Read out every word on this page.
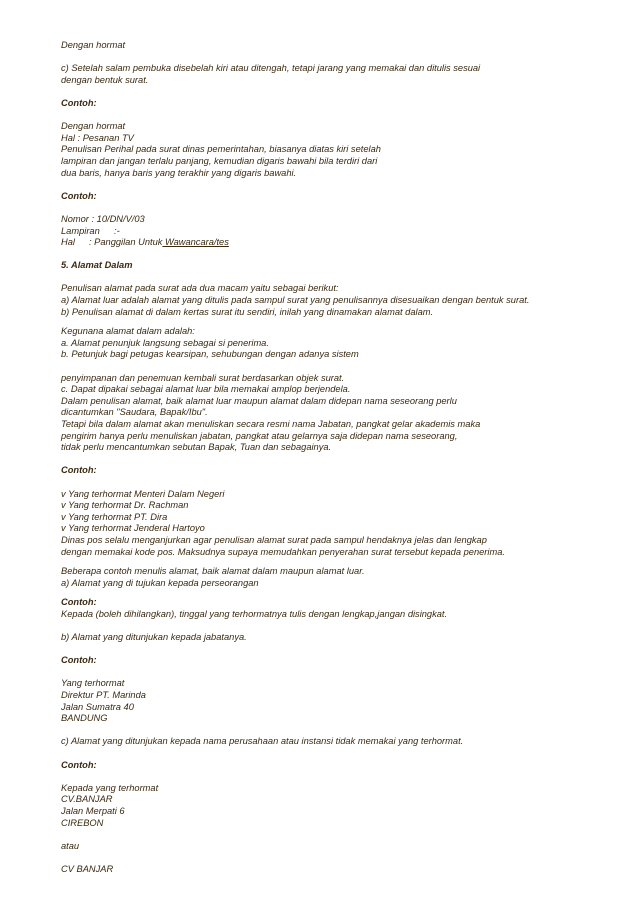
Dengan hormat
c) Setelah salam pembuka disebelah kiri atau ditengah, tetapi jarang yang memakai dan ditulis sesuai
dengan bentuk surat.
Contoh:
Dengan hormat
Hal : Pesanan TV
Penulisan Perihal pada surat dinas pemerintahan, biasanya diatas kiri setelah
lampiran dan jangan terlalu panjang, kemudian digaris bawahi bila terdiri dari
dua baris, hanya baris yang terakhir yang digaris bawahi.
Contoh:
Nomor : 10/DN/V/03
Lampiran :-
Hal : Panggilan Untuk Wawancara/tes
5. Alamat Dalam
Penulisan alamat pada surat ada dua macam yaitu sebagai berikut:
a) Alamat luar adalah alamat yang ditulis pada sampul surat yang penulisannya disesuaikan dengan bentuk surat.
b) Penulisan alamat di dalam kertas surat itu sendiri, inilah yang dinamakan alamat dalam.
Kegunana alamat dalam adalah:
a. Alamat penunjuk langsung sebagai si penerima.
b. Petunjuk bagi petugas kearsipan, sehubungan dengan adanya sistem
penyimpanan dan penemuan kembali surat berdasarkan objek surat.
c. Dapat dipakai sebagai alamat luar bila memakai amplop berjendela.
Dalam penulisan alamat, baik alamat luar maupun alamat dalam didepan nama seseorang perlu
dicantumkan "Saudara, Bapak/Ibu".
Tetapi bila dalam alamat akan menuliskan secara resmi nama Jabatan, pangkat gelar akademis maka
pengirim hanya perlu menuliskan jabatan, pangkat atau gelarnya saja didepan nama seseorang,
tidak perlu mencantumkan sebutan Bapak, Tuan dan sebagainya.
Contoh:
v Yang terhormat Menteri Dalam Negeri
v Yang terhormat Dr. Rachman
v Yang terhormat PT. Dira
v Yang terhormat Jenderal Hartoyo
Dinas pos selalu menganjurkan agar penulisan alamat surat pada sampul hendaknya jelas dan lengkap
dengan memakai kode pos. Maksudnya supaya memudahkan penyerahan surat tersebut kepada penerima.
Beberapa contoh menulis alamat, baik alamat dalam maupun alamat luar.
a) Alamat yang di tujukan kepada perseorangan
Contoh:
Kepada (boleh dihilangkan), tinggal yang terhormatnya tulis dengan lengkap,jangan disingkat.
b) Alamat yang ditunjukan kepada jabatanya.
Contoh:
Yang terhormat
Direktur PT. Marinda
Jalan Sumatra 40
BANDUNG
c) Alamat yang ditunjukan kepada nama perusahaan atau instansi tidak memakai yang terhormat.
Contoh:
Kepada yang terhormat
CV.BANJAR
Jalan Merpati 6
CIREBON
atau
CV BANJAR
